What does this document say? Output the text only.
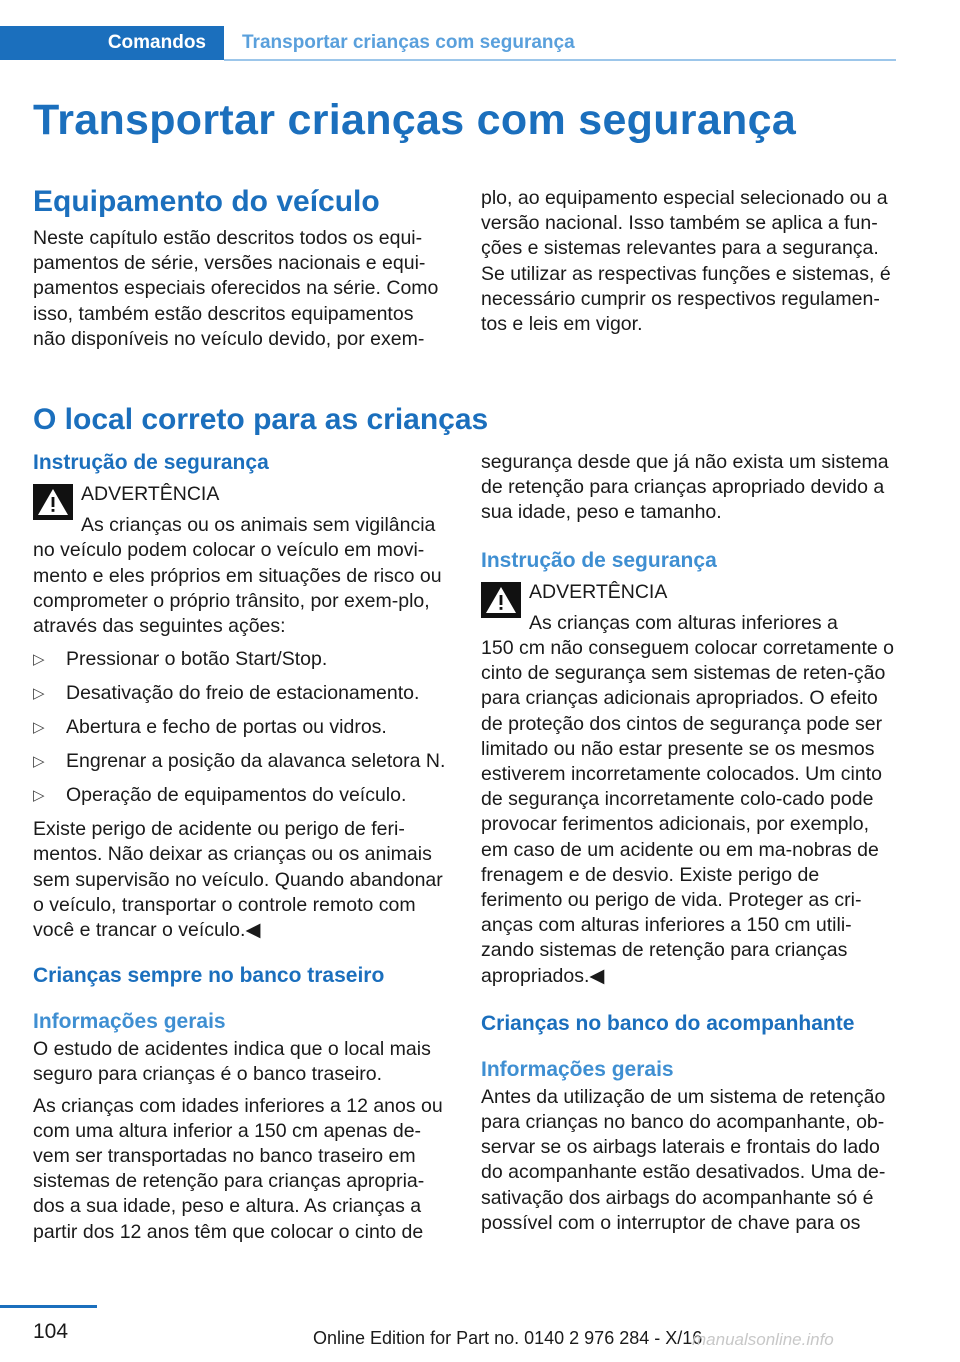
Comandos	Transportar crianças com segurança
Transportar crianças com segurança
Equipamento do veículo

Neste capítulo estão descritos todos os equi-pamentos de série, versões nacionais e equi-pamentos especiais oferecidos na série. Como isso, também estão descritos equipamentos não disponíveis no veículo devido, por exem-

plo, ao equipamento especial selecionado ou a versão nacional. Isso também se aplica a fun-ções e sistemas relevantes para a segurança. Se utilizar as respectivas funções e sistemas, é necessário cumprir os respectivos regulamen-tos e leis em vigor.

O local correto para as crianças
Instrução de segurança
ADVERTÊNCIA
As crianças ou os animais sem vigilância

no veículo podem colocar o veículo em movi-mento e eles próprios em situações de risco ou comprometer o próprio trânsito, por exem-plo, através das seguintes ações:

▷ Pressionar o botão Start/Stop.
▷ Desativação do freio de estacionamento.
▷ Abertura e fecho de portas ou vidros.
▷ Engrenar a posição da alavanca seletora N.
▷ Operação de equipamentos do veículo.

Existe perigo de acidente ou perigo de feri-mentos. Não deixar as crianças ou os animais sem supervisão no veículo. Quando abandonar o veículo, transportar o controle remoto com você e trancar o veículo.◀

Crianças sempre no banco traseiro
Informações gerais

O estudo de acidentes indica que o local mais seguro para crianças é o banco traseiro.

As crianças com idades inferiores a 12 anos ou com uma altura inferior a 150 cm apenas de-vem ser transportadas no banco traseiro em sistemas de retenção para crianças apropria-dos a sua idade, peso e altura. As crianças a partir dos 12 anos têm que colocar o cinto de

segurança desde que já não exista um sistema de retenção para crianças apropriado devido a sua idade, peso e tamanho.

Instrução de segurança
ADVERTÊNCIA
As crianças com alturas inferiores a

150 cm não conseguem colocar corretamente o cinto de segurança sem sistemas de reten-ção para crianças adicionais apropriados. O efeito de proteção dos cintos de segurança pode ser limitado ou não estar presente se os mesmos estiverem incorretamente colocados. Um cinto de segurança incorretamente colo-cado pode provocar ferimentos adicionais, por exemplo, em caso de um acidente ou em ma-nobras de frenagem e de desvio. Existe perigo de ferimento ou perigo de vida. Proteger as cri-anças com alturas inferiores a 150 cm utili-zando sistemas de retenção para crianças apropriados.◀

Crianças no banco do acompanhante
Informações gerais

Antes da utilização de um sistema de retenção para crianças no banco do acompanhante, ob-servar se os airbags laterais e frontais do lado do acompanhante estão desativados. Uma de-sativação dos airbags do acompanhante só é possível com o interruptor de chave para os

104	Online Edition for Part no. 0140 2 976 284 - X/16
manualsonline.info
